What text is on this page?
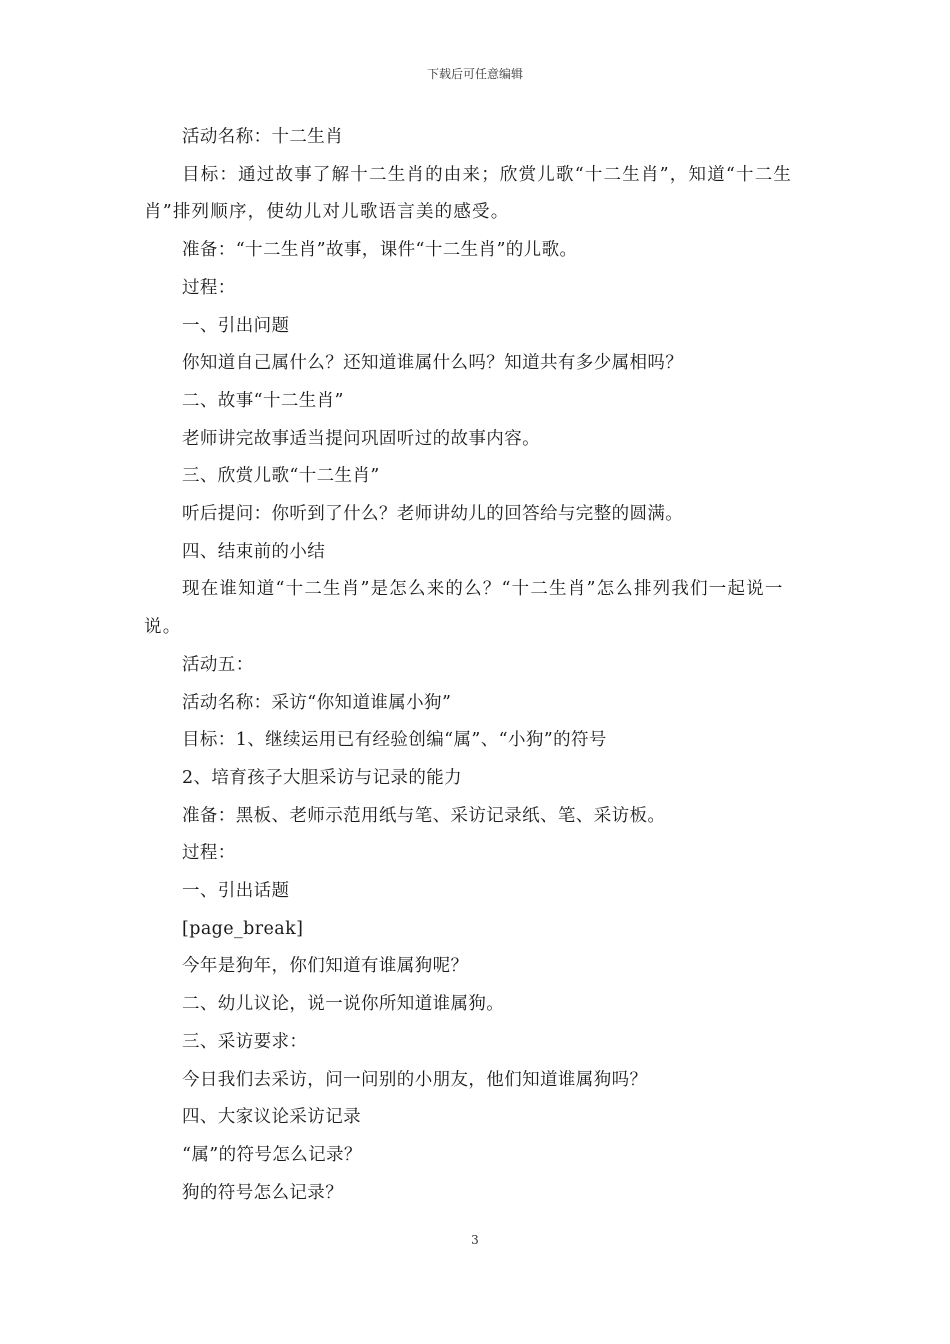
下载后可任意编辑

活动名称：十二生肖

目标：通过故事了解十二生肖的由来；欣赏儿歌“十二生肖”，知道“十二生肖”排列顺序，使幼儿对儿歌语言美的感受。

准备：“十二生肖”故事，课件“十二生肖”的儿歌。

过程：

一、引出问题

你知道自己属什么？还知道谁属什么吗？知道共有多少属相吗？

二、故事“十二生肖”

老师讲完故事适当提问巩固听过的故事内容。

三、欣赏儿歌“十二生肖”

听后提问：你听到了什么？老师讲幼儿的回答给与完整的圆满。

四、结束前的小结

现在谁知道“十二生肖”是怎么来的么？“十二生肖”怎么排列我们一起说一说。

活动五：

活动名称：采访“你知道谁属小狗”

目标：1、继续运用已有经验创编“属”、“小狗”的符号

2、培育孩子大胆采访与记录的能力

准备：黑板、老师示范用纸与笔、采访记录纸、笔、采访板。

过程：

一、引出话题

[page_break]

今年是狗年，你们知道有谁属狗呢？

二、幼儿议论，说一说你所知道谁属狗。

三、采访要求：

今日我们去采访，问一问别的小朋友，他们知道谁属狗吗？

四、大家议论采访记录

“属”的符号怎么记录？

狗的符号怎么记录？

3
